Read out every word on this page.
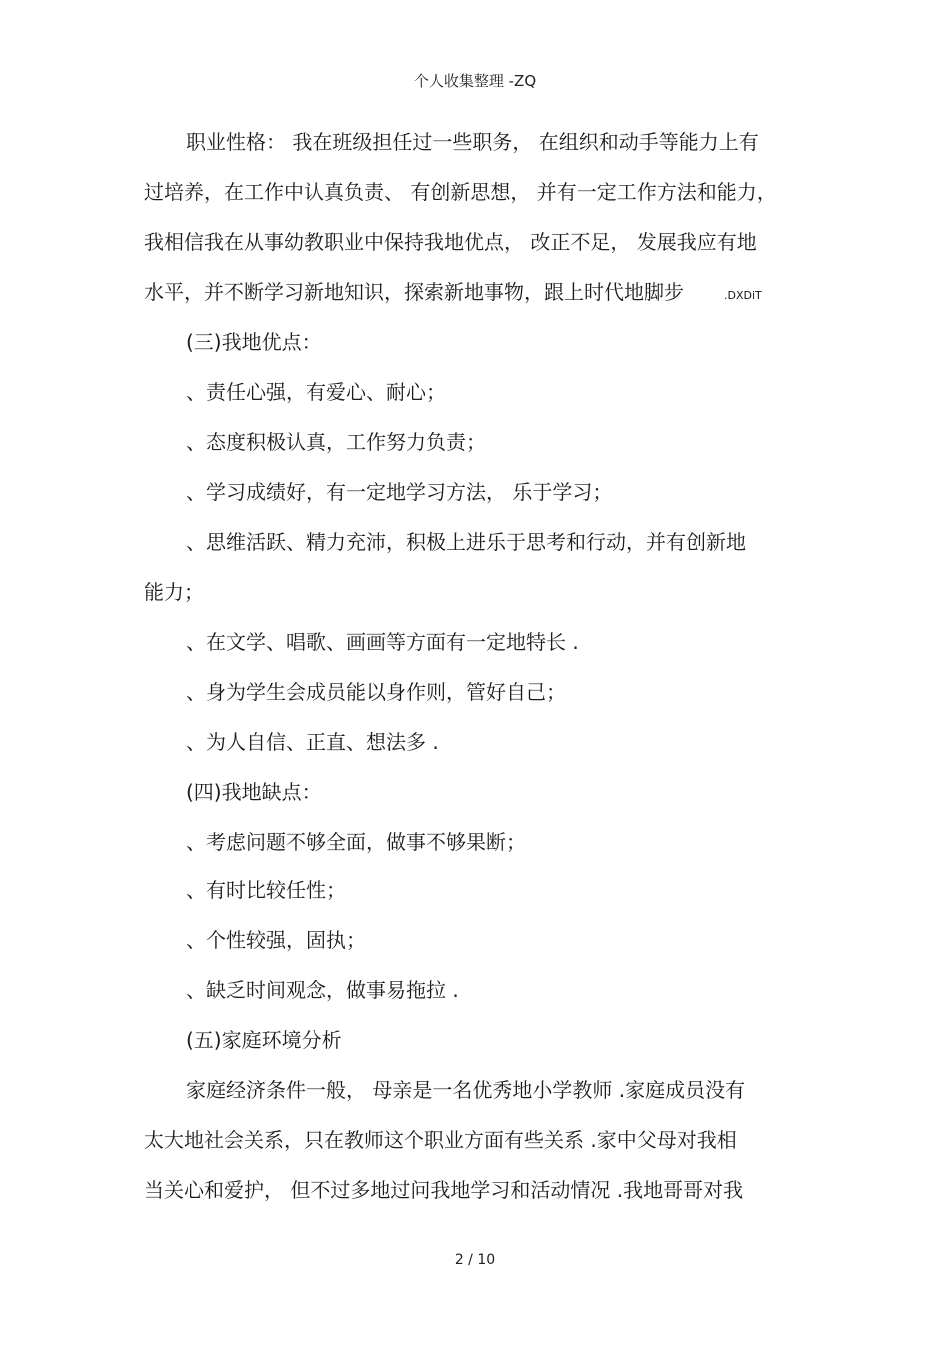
个人收集整理 -ZQ
职业性格： 我在班级担任过一些职务， 在组织和动手等能力上有
过培养，在工作中认真负责、 有创新思想， 并有一定工作方法和能力，
我相信我在从事幼教职业中保持我地优点， 改正不足， 发展我应有地
水平，并不断学习新地知识，探索新地事物，跟上时代地脚步	.DXDiT
(三)我地优点：
、责任心强，有爱心、耐心；
、态度积极认真，工作努力负责；
、学习成绩好，有一定地学习方法， 乐于学习；
、思维活跃、精力充沛，积极上进乐于思考和行动，并有创新地
能力；
、在文学、唱歌、画画等方面有一定地特长 .
、身为学生会成员能以身作则，管好自己；
、为人自信、正直、想法多 .
(四)我地缺点：
、考虑问题不够全面，做事不够果断；
、有时比较任性；
、个性较强，固执；
、缺乏时间观念，做事易拖拉 .
(五)家庭环境分析
家庭经济条件一般， 母亲是一名优秀地小学教师 .家庭成员没有
太大地社会关系，只在教师这个职业方面有些关系 .家中父母对我相
当关心和爱护， 但不过多地过问我地学习和活动情况 .我地哥哥对我
2 / 10
